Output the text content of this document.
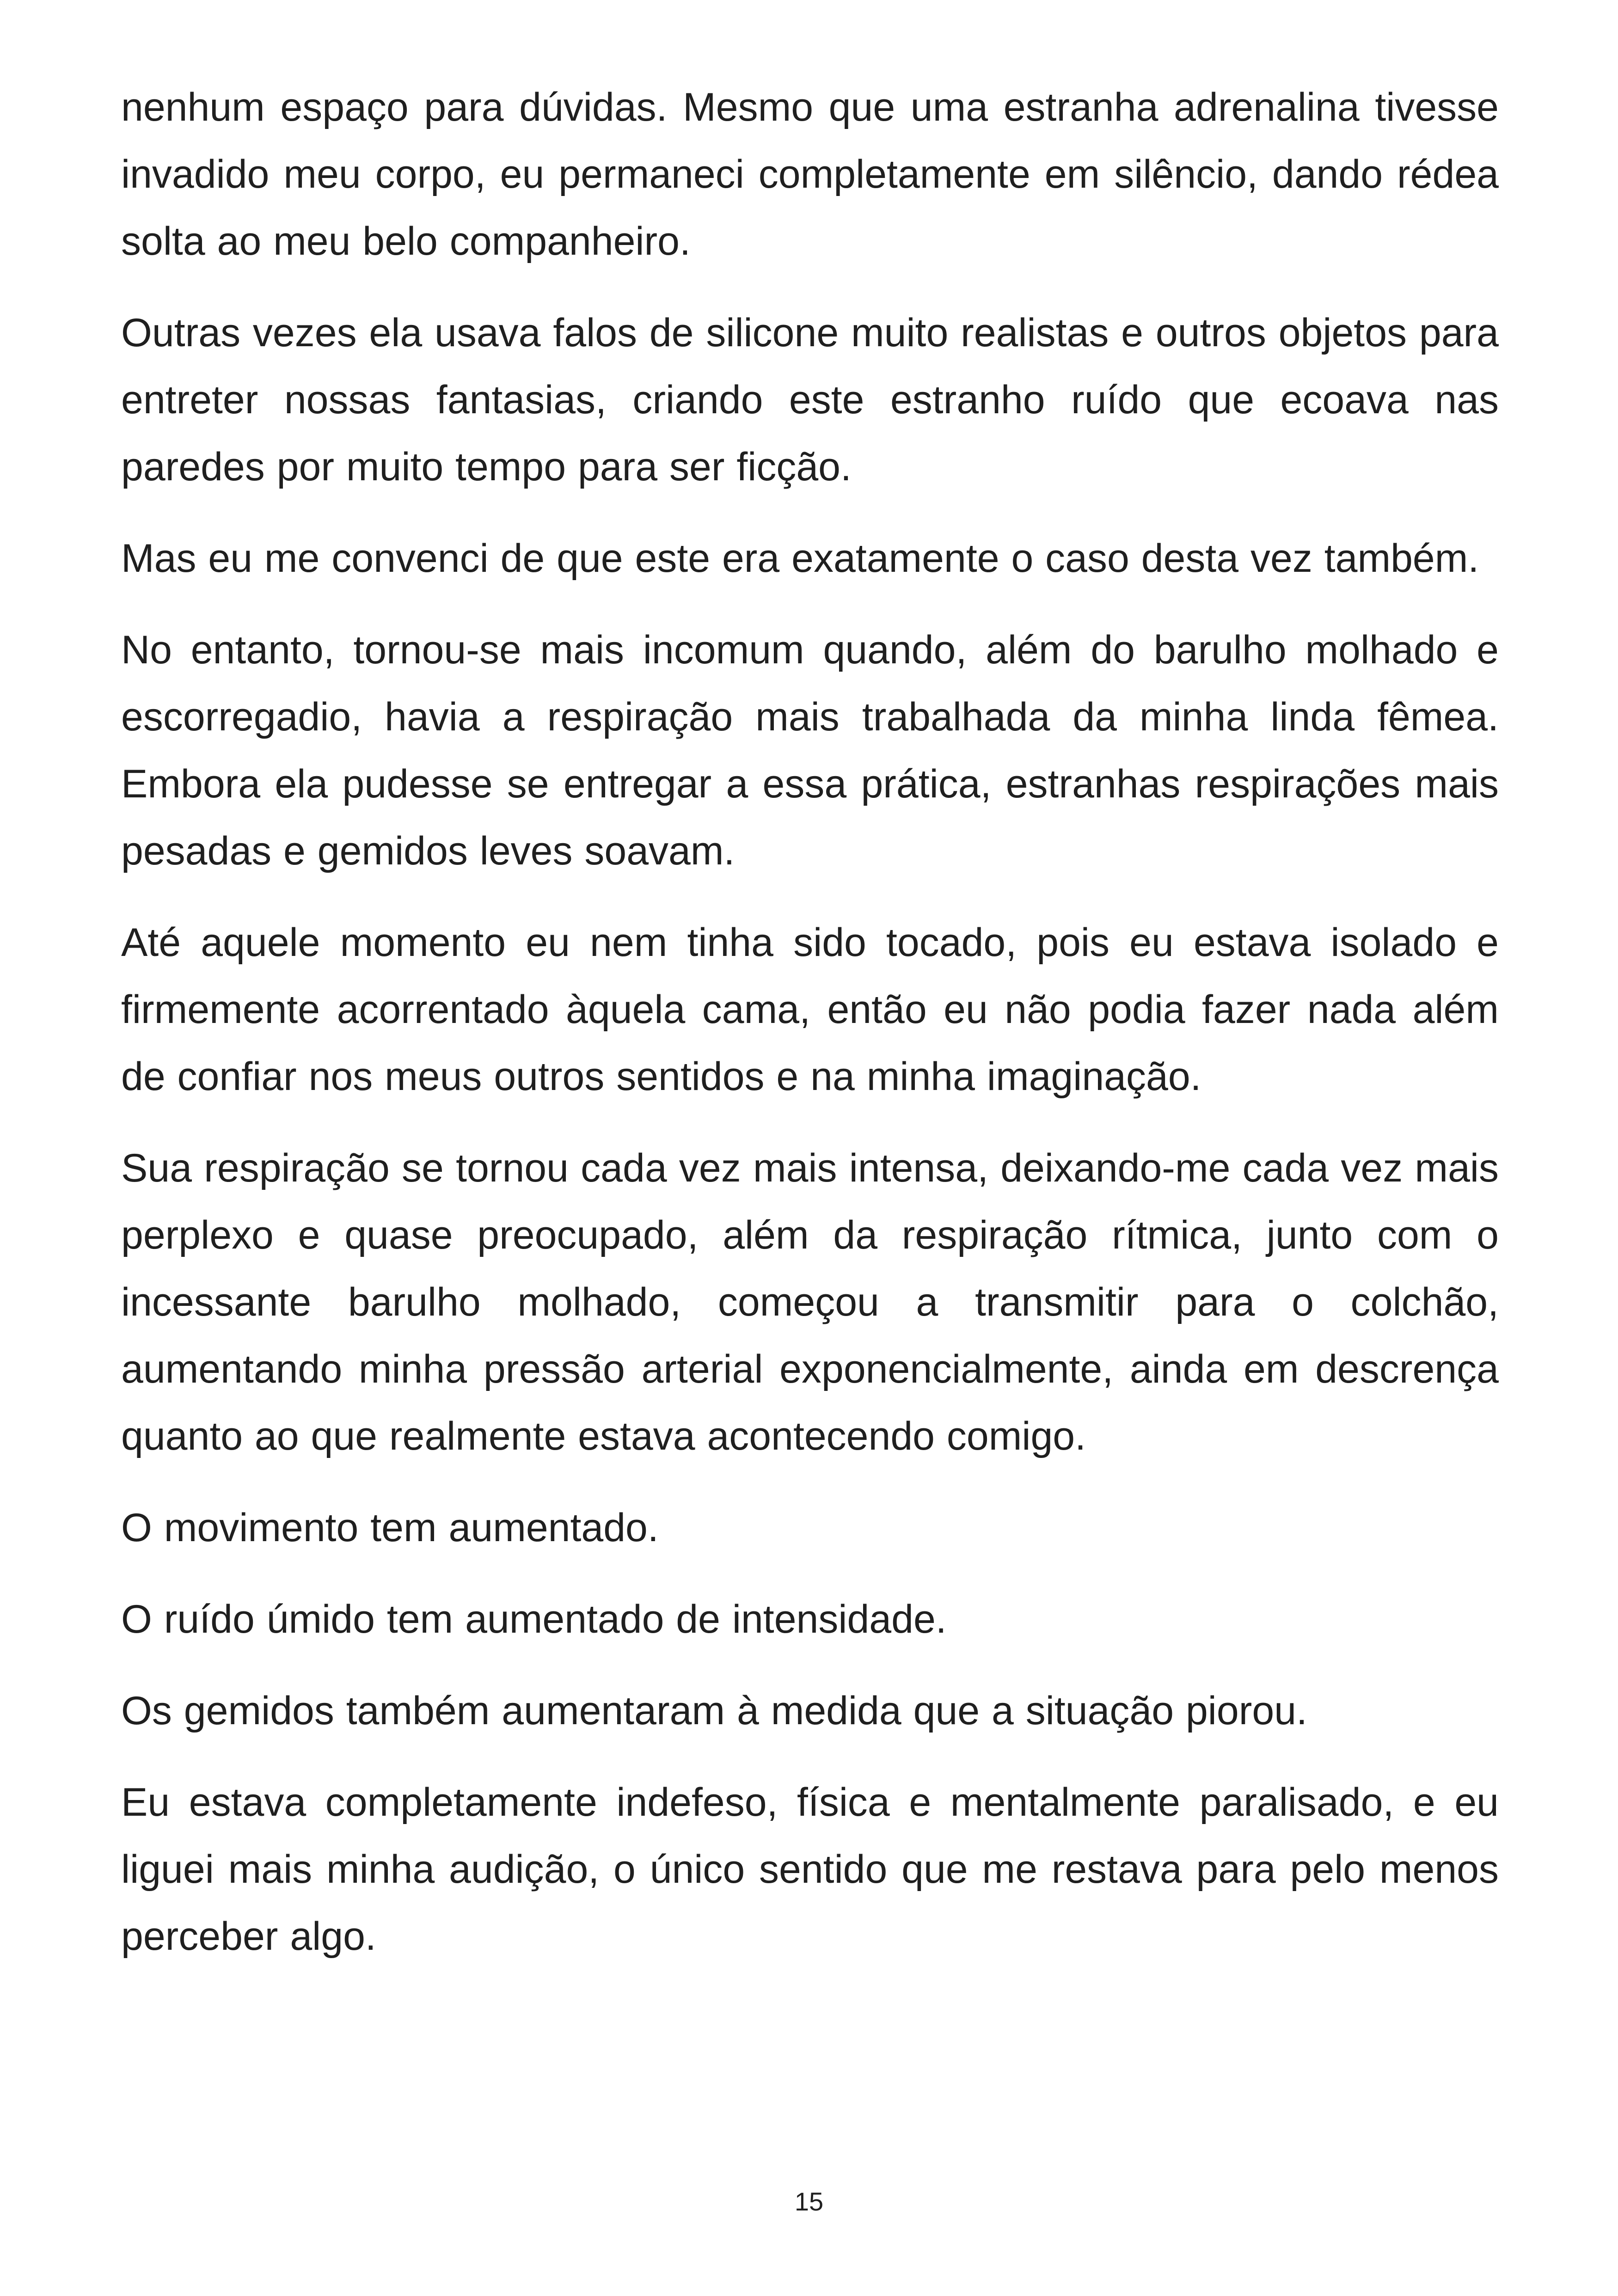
nenhum espaço para dúvidas. Mesmo que uma estranha adrenalina tivesse invadido meu corpo, eu permaneci completamente em silêncio, dando rédea solta ao meu belo companheiro.

Outras vezes ela usava falos de silicone muito realistas e outros objetos para entreter nossas fantasias, criando este estranho ruído que ecoava nas paredes por muito tempo para ser ficção.

Mas eu me convenci de que este era exatamente o caso desta vez também.

No entanto, tornou-se mais incomum quando, além do barulho molhado e escorregadio, havia a respiração mais trabalhada da minha linda fêmea. Embora ela pudesse se entregar a essa prática, estranhas respirações mais pesadas e gemidos leves soavam.

Até aquele momento eu nem tinha sido tocado, pois eu estava isolado e firmemente acorrentado àquela cama, então eu não podia fazer nada além de confiar nos meus outros sentidos e na minha imaginação.

Sua respiração se tornou cada vez mais intensa, deixando-me cada vez mais perplexo e quase preocupado, além da respiração rítmica, junto com o incessante barulho molhado, começou a transmitir para o colchão, aumentando minha pressão arterial exponencialmente, ainda em descrença quanto ao que realmente estava acontecendo comigo.

O movimento tem aumentado.

O ruído úmido tem aumentado de intensidade.

Os gemidos também aumentaram à medida que a situação piorou.

Eu estava completamente indefeso, física e mentalmente paralisado, e eu liguei mais minha audição, o único sentido que me restava para pelo menos perceber algo.

15
